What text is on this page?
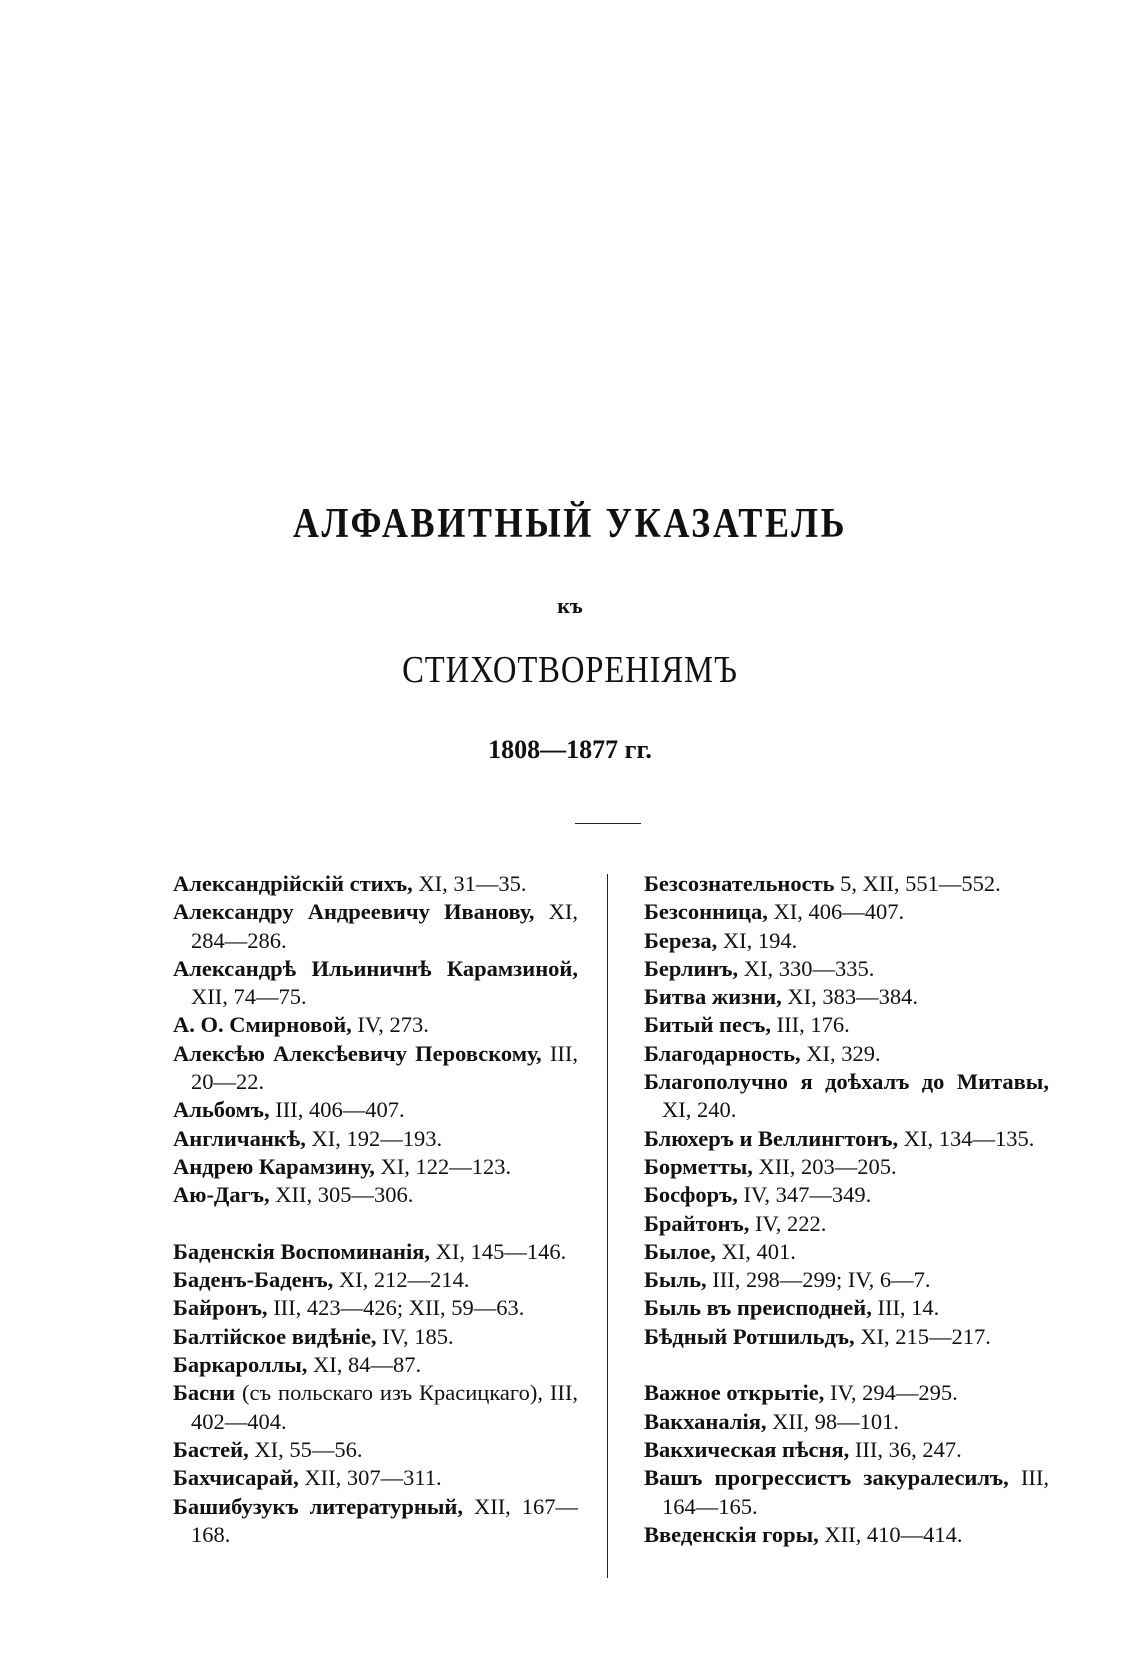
АЛФАВИТНЫЙ УКАЗАТЕЛЬ
къ
СТИХОТВОРЕНІЯМЪ
1808—1877 гг.

Александрійскій стихъ, XI, 31—35.

Александру Андреевичу Иванову, XI, 284—286.

Александрѣ Ильиничнѣ Карамзиной, XII, 74—75.

А. О. Смирновой, IV, 273.

Алексѣю Алексѣевичу Перовскому, III, 20—22.

Альбомъ, III, 406—407.

Англичанкѣ, XI, 192—193.

Андрею Карамзину, XI, 122—123.

Аю-Дагъ, XII, 305—306.

Баденскія Воспоминанія, XI, 145—146.

Баденъ-Баденъ, XI, 212—214.

Байронъ, III, 423—426; XII, 59—63.

Балтійское видѣніе, IV, 185.

Баркароллы, XI, 84—87.

Басни (съ польскаго изъ Красицкаго), III, 402—404.

Бастей, XI, 55—56.

Бахчисарай, XII, 307—311.

Башибузукъ литературный, XII, 167—168.

Безсознательность 5, XII, 551—552.

Безсонница, XI, 406—407.

Береза, XI, 194.

Берлинъ, XI, 330—335.

Битва жизни, XI, 383—384.

Битый песъ, III, 176.

Благодарность, XI, 329.

Благополучно я доѣхалъ до Митавы, XI, 240.

Блюхеръ и Веллингтонъ, XI, 134—135.

Борметты, XII, 203—205.

Босфоръ, IV, 347—349.

Брайтонъ, IV, 222.

Былое, XI, 401.

Быль, III, 298—299; IV, 6—7.

Быль въ преисподней, III, 14.

Бѣдный Ротшильдъ, XI, 215—217.

Важное открытіе, IV, 294—295.

Вакханалія, XII, 98—101.

Вакхическая пѣсня, III, 36, 247.

Вашъ прогрессистъ закуралесилъ, III, 164—165.

Введенскія горы, XII, 410—414.
